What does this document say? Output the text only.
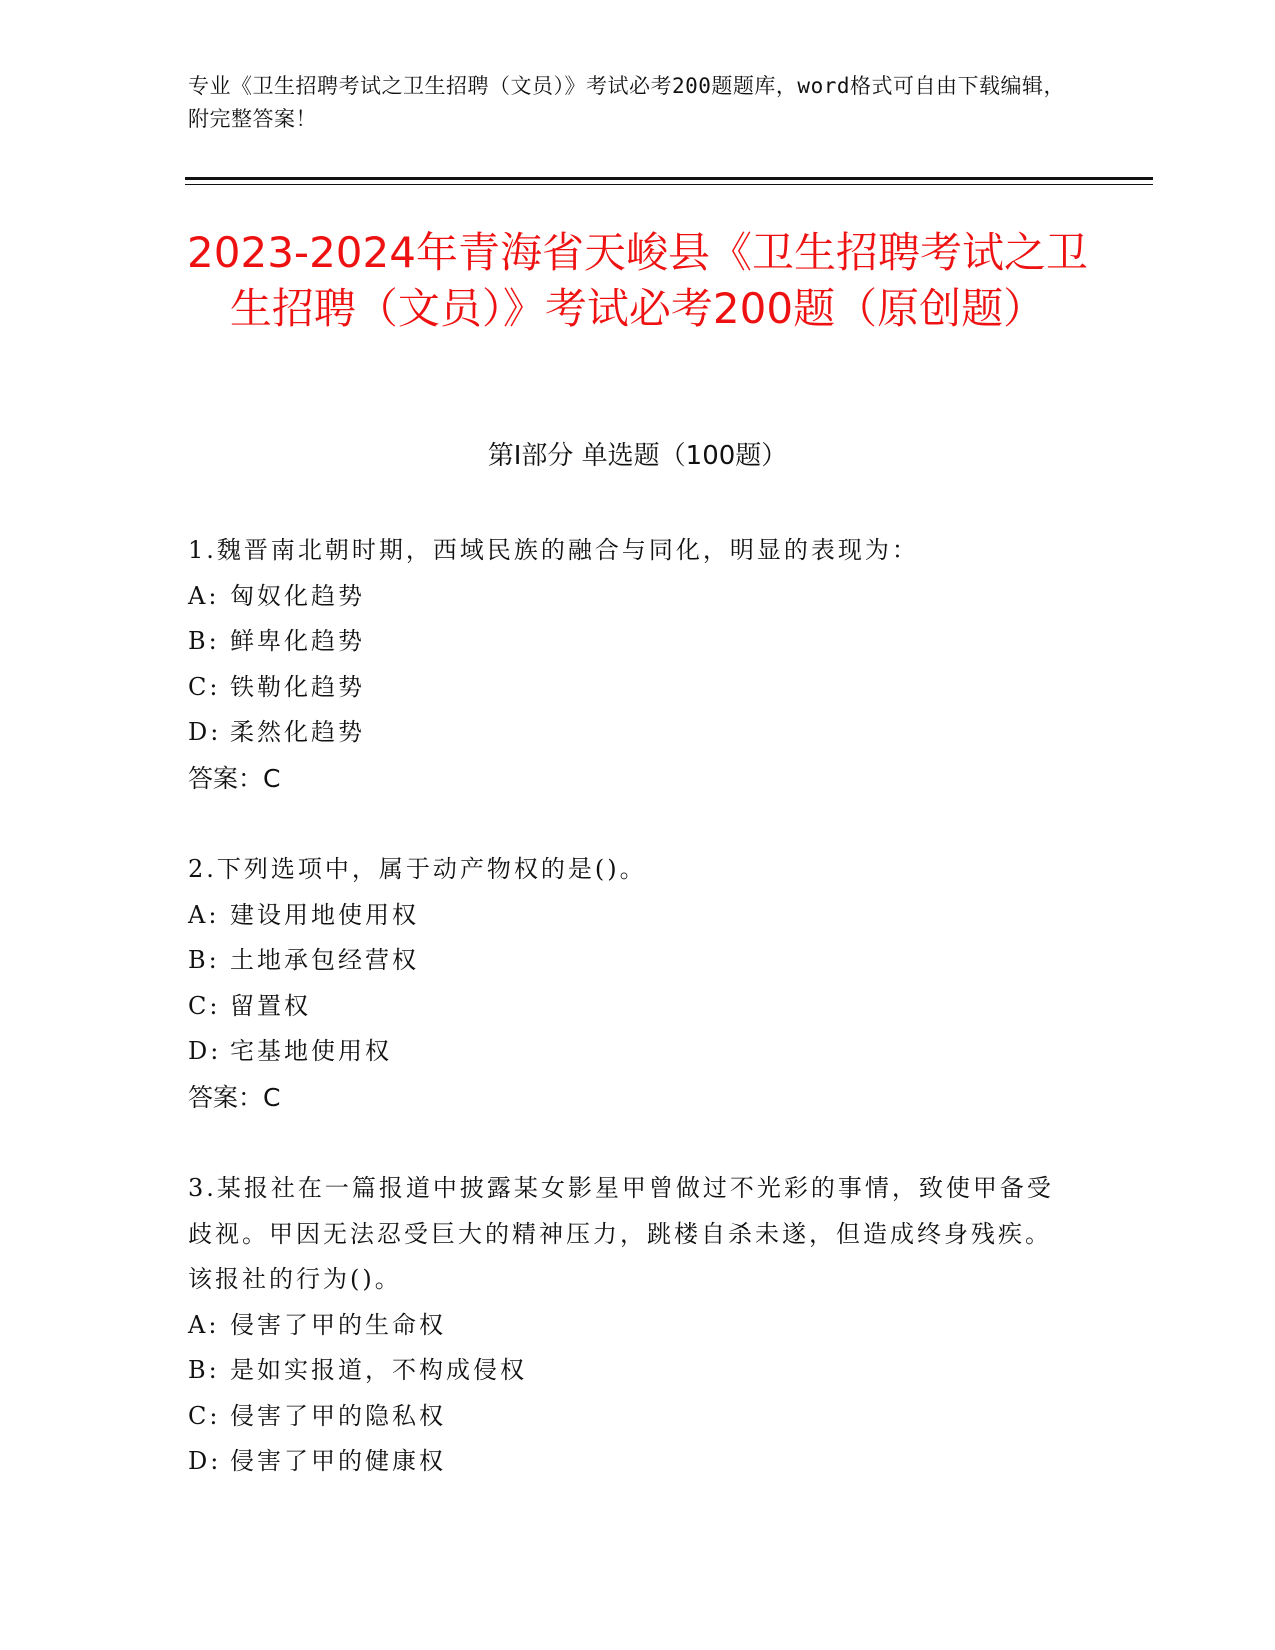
专业《卫生招聘考试之卫生招聘（文员）》考试必考200题题库，word格式可自由下载编辑，附完整答案！
2023-2024年青海省天峻县《卫生招聘考试之卫生招聘（文员）》考试必考200题（原创题）
第I部分 单选题（100题）
1.魏晋南北朝时期，西域民族的融合与同化，明显的表现为：
A: 匈奴化趋势
B: 鲜卑化趋势
C: 铁勒化趋势
D: 柔然化趋势
答案：C
2.下列选项中，属于动产物权的是()。
A: 建设用地使用权
B: 土地承包经营权
C: 留置权
D: 宅基地使用权
答案：C
3.某报社在一篇报道中披露某女影星甲曾做过不光彩的事情，致使甲备受歧视。甲因无法忍受巨大的精神压力，跳楼自杀未遂，但造成终身残疾。该报社的行为()。
A: 侵害了甲的生命权
B: 是如实报道，不构成侵权
C: 侵害了甲的隐私权
D: 侵害了甲的健康权
